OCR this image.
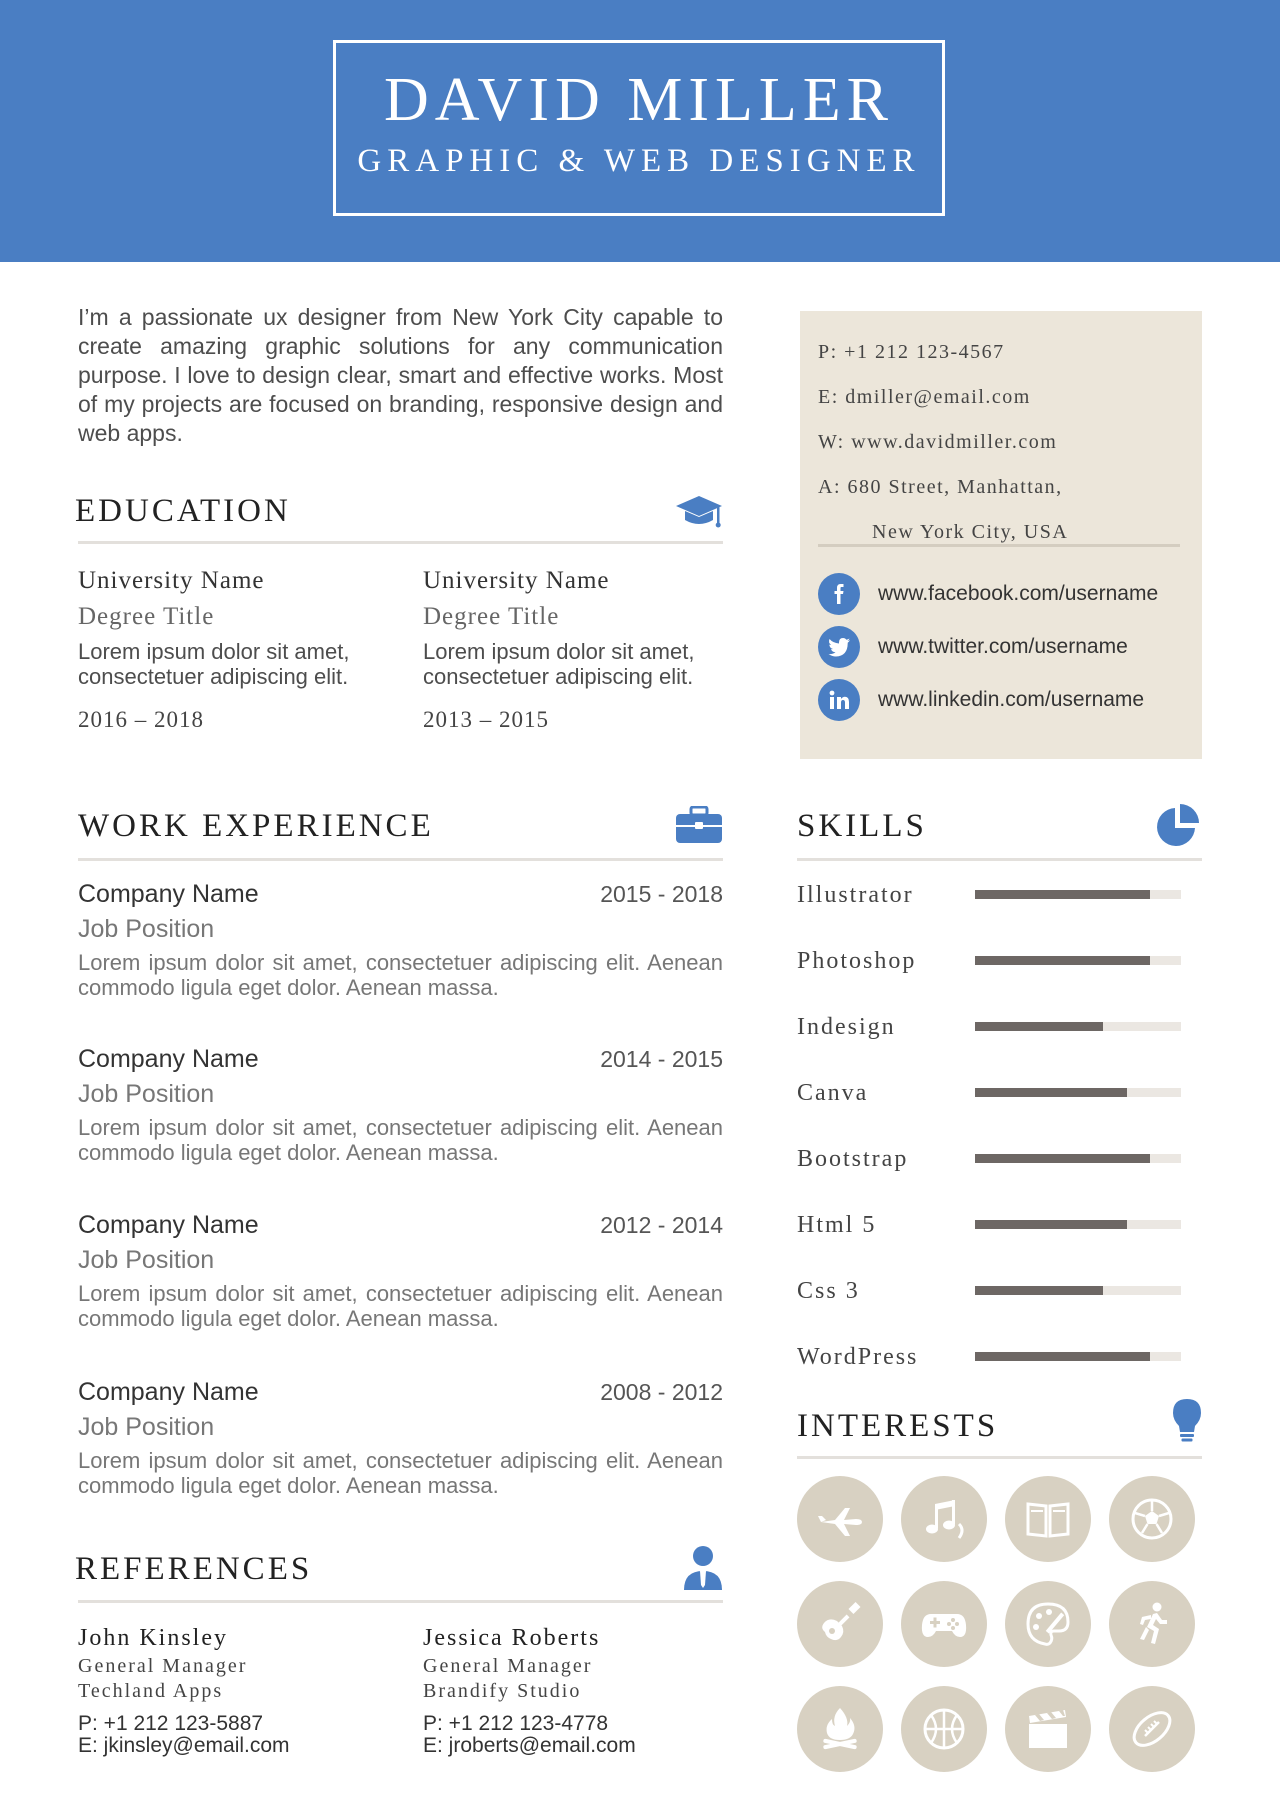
DAVID MILLER
GRAPHIC & WEB DESIGNER
I’m a passionate ux designer from New York City capable to create amazing graphic solutions for any communication purpose. I love to design clear, smart and effective works. Most of my projects are focused on branding, responsive design and web apps.
EDUCATION
University Name
Degree Title
Lorem ipsum dolor sit amet, consectetuer adipiscing elit.
2016 – 2018
University Name
Degree Title
Lorem ipsum dolor sit amet, consectetuer adipiscing elit.
2013 – 2015
WORK EXPERIENCE
Company Name	2015 - 2018
Job Position
Lorem ipsum dolor sit amet, consectetuer adipiscing elit. Aenean commodo ligula eget dolor. Aenean massa.
Company Name	2014 - 2015
Job Position
Lorem ipsum dolor sit amet, consectetuer adipiscing elit. Aenean commodo ligula eget dolor. Aenean massa.
Company Name	2012 - 2014
Job Position
Lorem ipsum dolor sit amet, consectetuer adipiscing elit. Aenean commodo ligula eget dolor. Aenean massa.
Company Name	2008 - 2012
Job Position
Lorem ipsum dolor sit amet, consectetuer adipiscing elit. Aenean commodo ligula eget dolor. Aenean massa.
REFERENCES
John Kinsley
General Manager
Techland Apps
P: +1 212 123-5887
E: jkinsley@email.com
Jessica Roberts
General Manager
Brandify Studio
P: +1 212 123-4778
E: jroberts@email.com
P: +1 212 123-4567
E: dmiller@email.com
W: www.davidmiller.com
A: 680 Street, Manhattan,
New York City, USA
www.facebook.com/username
www.twitter.com/username
www.linkedin.com/username
SKILLS
Illustrator
Photoshop
Indesign
Canva
Bootstrap
Html 5
Css 3
WordPress
INTERESTS
